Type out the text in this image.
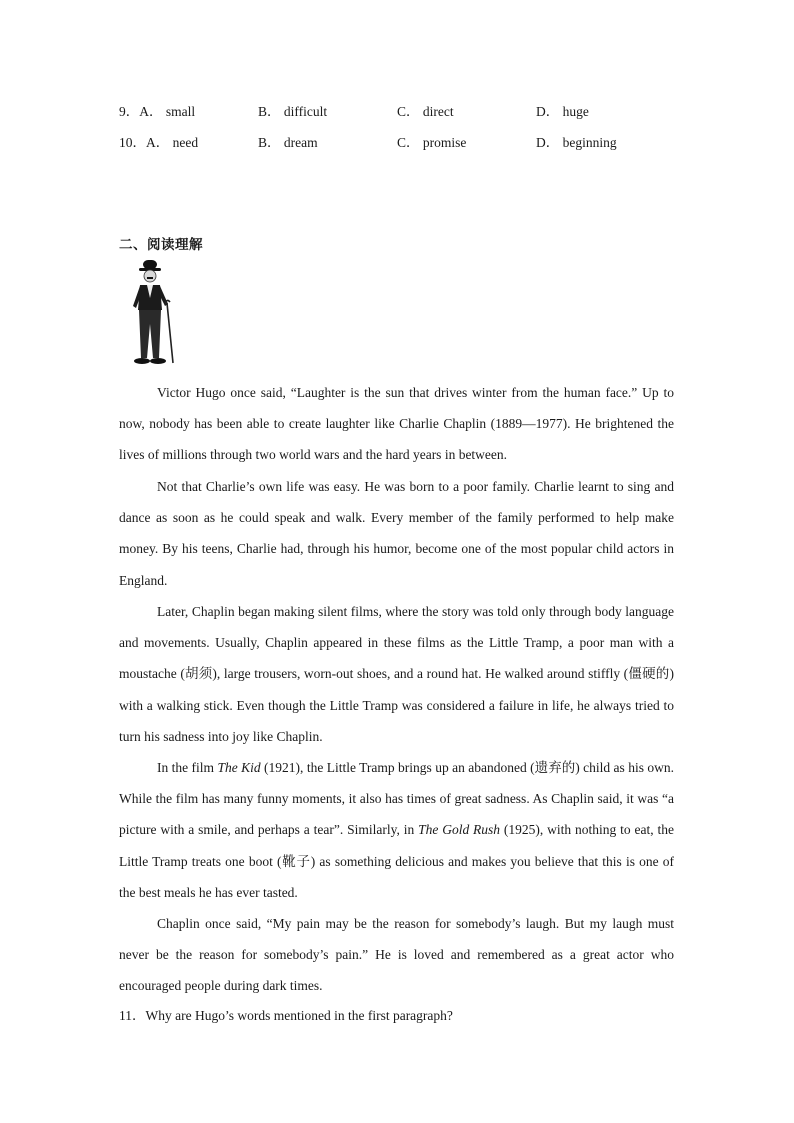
9．A． small	B． difficult	C． direct	D． huge
10．A． need	B． dream	C． promise	D． beginning
二、阅读理解

Victor Hugo once said, “Laughter is the sun that drives winter from the human face.” Up to now, nobody has been able to create laughter like Charlie Chaplin (1889—1977). He brightened the lives of millions through two world wars and the hard years in between.

Not that Charlie’s own life was easy. He was born to a poor family. Charlie learnt to sing and dance as soon as he could speak and walk. Every member of the family performed to help make money. By his teens, Charlie had, through his humor, become one of the most popular child actors in England.

Later, Chaplin began making silent films, where the story was told only through body language and movements. Usually, Chaplin appeared in these films as the Little Tramp, a poor man with a moustache (胡须), large trousers, worn-out shoes, and a round hat. He walked around stiffly (僵硬的) with a walking stick. Even though the Little Tramp was considered a failure in life, he always tried to turn his sadness into joy like Chaplin.

In the film The Kid (1921), the Little Tramp brings up an abandoned (遗弃的) child as his own. While the film has many funny moments, it also has times of great sadness. As Chaplin said, it was “a picture with a smile, and perhaps a tear”. Similarly, in The Gold Rush (1925), with nothing to eat, the Little Tramp treats one boot (靴子) as something delicious and makes you believe that this is one of the best meals he has ever tasted.

Chaplin once said, “My pain may be the reason for somebody’s laugh. But my laugh must never be the reason for somebody’s pain.” He is loved and remembered as a great actor who encouraged people during dark times.

11．Why are Hugo’s words mentioned in the first paragraph?
